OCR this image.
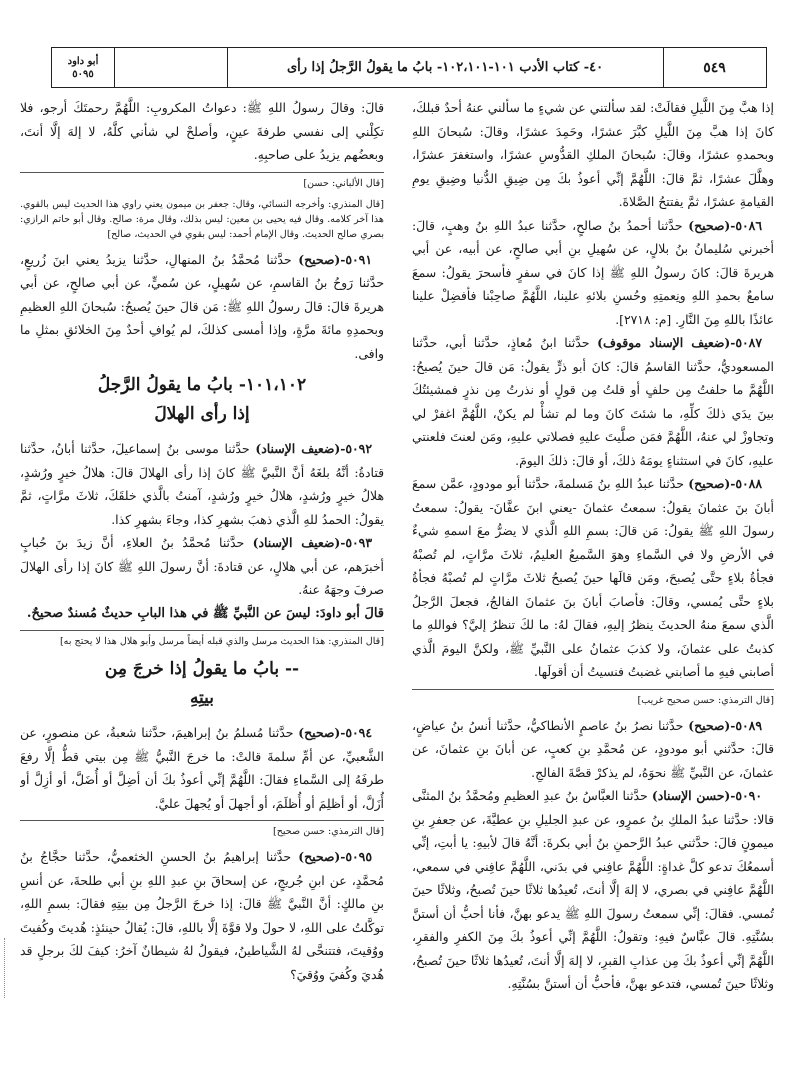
أبو داود
٥٠٩٥	٤٠- كتاب الأدب ١٠١-١٠٢،١٠١- بابُ ما يقولُ الرَّجلُ إذا رأى	٥٤٩

إذا هبَّ مِنَ اللَّيلِ فقالَتْ: لقد سألتني عن شيءٍ ما سألني عنهُ أحدٌ قبلكَ، كانَ إذا هبَّ مِنَ اللَّيلِ كبَّرَ عشرًا، وحَمِدَ عشرًا، وقالَ: سُبحانَ اللهِ وبحمدهِ عشرًا، وقالَ: سُبحانَ الملكِ القدُّوسِ عشرًا، واستغفرَ عشرًا، وهلَّلَ عشرًا، ثمَّ قالَ: اللَّهُمَّ إنِّي أعوذُ بكَ مِن ضِيقِ الدُّنيا وضِيقِ يومِ القيامةِ عشرًا، ثمَّ يفتتحُ الصَّلاةَ.

٥٠٨٦-(صحيح) حدَّثنا أحمدُ بنُ صالحٍ، حدَّثنا عبدُ اللهِ بنُ وهبٍ، قالَ: أخبرني سُليمانُ بنُ بلالٍ، عن سُهيلِ بنِ أبي صالحٍ، عن أبيه، عن أبي هريرةَ قالَ: كانَ رسولُ اللهِ ﷺ إذا كانَ في سفرٍ فأسحرَ يقولُ: سمعَ سامعٌ بحمدِ اللهِ ونِعمتِهِ وحُسنِ بلائهِ علينا، اللَّهُمَّ صاحِبْنا فأفضِلْ علينا عائذًا باللهِ مِنَ النَّارِ. [م: ٢٧١٨].

٥٠٨٧-(ضعيف الإسناد موقوف) حدَّثنا ابنُ مُعاذٍ، حدَّثنا أبي، حدَّثنا المسعوديُّ، حدَّثنا القاسمُ قالَ: كانَ أبو ذرٍّ يقولُ: مَن قالَ حينَ يُصبحُ: اللَّهُمَّ ما حلفتُ مِن حلفٍ أو قلتُ مِن قولٍ أو نذرتُ مِن نذرٍ فمشيئتُكَ بينَ يدَي ذلكَ كلِّهِ، ما شئتَ كانَ وما لم تشأْ لم يكنْ، اللَّهُمَّ اغفرْ لي وتجاوزْ لي عنهُ، اللَّهُمَّ فمَن صلَّيتَ عليهِ فصلاتي عليهِ، ومَن لعنتَ فلعنتي عليهِ، كانَ في استثناءٍ يومَهُ ذلكَ، أو قالَ: ذلكَ اليومَ.

٥٠٨٨-(صحيح) حدَّثنا عبدُ اللهِ بنُ مَسلمةَ، حدَّثنا أبو مودودٍ، عمَّن سمعَ أبانَ بنَ عثمانَ يقولُ: سمعتُ عثمانَ -يعني ابنَ عفَّانَ- يقولُ: سمعتُ رسولَ اللهِ ﷺ يقولُ: مَن قالَ: بسمِ اللهِ الَّذي لا يضرُّ معَ اسمهِ شيءٌ في الأرضِ ولا في السَّماءِ وهوَ السَّميعُ العليمُ، ثلاثَ مرَّاتٍ، لم تُصبْهُ فجأةُ بلاءٍ حتَّى يُصبحَ، ومَن قالَها حينَ يُصبحُ ثلاثَ مرَّاتٍ لم تُصبْهُ فجأةُ بلاءٍ حتَّى يُمسي، وقالَ: فأصابَ أبانَ بنَ عثمانَ الفالجُ، فجعلَ الرَّجلُ الَّذي سمعَ منهُ الحديثَ ينظرُ إليهِ، فقالَ لهُ: ما لكَ تنظرُ إليَّ؟ فواللهِ ما كذبتُ على عثمانَ، ولا كذبَ عثمانُ على النَّبيِّ ﷺ، ولكنَّ اليومَ الَّذي أصابني فيهِ ما أصابني غضبتُ فنسيتُ أن أقولَها.

[قال الترمذي: حسن صحيح غريب]

٥٠٨٩-(صحيح) حدَّثنا نصرُ بنُ عاصمٍ الأنطاكيُّ، حدَّثنا أنسُ بنُ عياضٍ، قالَ: حدَّثني أبو مودودٍ، عن مُحمَّدِ بنِ كعبٍ، عن أبانَ بنِ عثمانَ، عن عثمانَ، عن النَّبيِّ ﷺ نحوَهُ، لم يذكرْ قصَّةَ الفالجِ.

٥٠٩٠-(حسن الإسناد) حدَّثنا العبَّاسُ بنُ عبدِ العظيمِ ومُحمَّدُ بنُ المثنَّى قالا: حدَّثنا عبدُ الملكِ بنُ عمرٍو، عن عبدِ الجليلِ بنِ عطيَّةَ، عن جعفرِ بنِ ميمونٍ قالَ: حدَّثني عبدُ الرَّحمنِ بنُ أبي بكرةَ: أنَّهُ قالَ لأبيهِ: يا أبتِ، إنِّي أسمعُكَ تدعو كلَّ غداةٍ: اللَّهُمَّ عافِني في بدَني، اللَّهُمَّ عافِني في سمعي، اللَّهُمَّ عافِني في بصري، لا إلهَ إلَّا أنتَ، تُعيدُها ثلاثًا حينَ تُصبحُ، وثلاثًا حينَ تُمسي. فقالَ: إنِّي سمعتُ رسولَ اللهِ ﷺ يدعو بهنَّ، فأنا أحبُّ أن أستنَّ بسُنَّتِهِ. قالَ عبَّاسٌ فيهِ: وتقولُ: اللَّهُمَّ إنِّي أعوذُ بكَ مِنَ الكفرِ والفقرِ، اللَّهُمَّ إنِّي أعوذُ بكَ مِن عذابِ القبرِ، لا إلهَ إلَّا أنتَ، تُعيدُها ثلاثًا حينَ تُصبحُ، وثلاثًا حينَ تُمسي، فتدعو بهنَّ، فأحبُّ أن أستنَّ بسُنَّتِهِ.

قالَ: وقالَ رسولُ اللهِ ﷺ: دعواتُ المكروبِ: اللَّهُمَّ رحمتَكَ أرجو، فلا تكِلْني إلى نفسي طرفةَ عينٍ، وأصلحْ لي شأني كلَّهُ، لا إلهَ إلَّا أنتَ، وبعضُهم يزيدُ على صاحبِهِ.

[قال الألباني: حسن]

[قال المنذري: وأخرجه النسائي، وقال: جعفر بن ميمون يعني راوي هذا الحديث ليس بالقوي. هذا آخر كلامه. وقال فيه يحيى بن معين: ليس بذلك، وقال مرة: صالح. وقال أبو حاتم الرازي: بصري صالح الحديث. وقال الإمام أحمد: ليس بقوي في الحديث، صالح]

٥٠٩١-(صحيح) حدَّثنا مُحمَّدُ بنُ المنهالِ، حدَّثنا يزيدُ يعني ابنَ زُريعٍ، حدَّثنا رَوحُ بنُ القاسمِ، عن سُهيلٍ، عن سُميٍّ، عن أبي صالحٍ، عن أبي هريرةَ قالَ: قالَ رسولُ اللهِ ﷺ: مَن قالَ حينَ يُصبحُ: سُبحانَ اللهِ العظيمِ وبحمدِهِ مائةَ مرَّةٍ، وإذا أمسى كذلكَ، لم يُوافِ أحدٌ مِنَ الخلائقِ بمثلِ ما وافى.

١٠١،١٠٢- بابُ ما يقولُ الرَّجلُ
إذا رأى الهلالَ

٥٠٩٢-(ضعيف الإسناد) حدَّثنا موسى بنُ إسماعيلَ، حدَّثنا أبانُ، حدَّثنا قتادةُ: أنَّهُ بلغَهُ أنَّ النَّبيَّ ﷺ كانَ إذا رأى الهلالَ قالَ: هلالُ خيرٍ ورُشدٍ، هلالُ خيرٍ ورُشدٍ، هلالُ خيرٍ ورُشدٍ، آمنتُ بالَّذي خلقَكَ، ثلاثَ مرَّاتٍ، ثمَّ يقولُ: الحمدُ للهِ الَّذي ذهبَ بشهرِ كذا، وجاءَ بشهرِ كذا.

٥٠٩٣-(ضعيف الإسناد) حدَّثنا مُحمَّدُ بنُ العلاءِ، أنَّ زيدَ بنَ حُبابٍ أخبرَهم، عن أبي هلالٍ، عن قتادةَ: أنَّ رسولَ اللهِ ﷺ كانَ إذا رأى الهلالَ صرفَ وجهَهُ عنهُ.

قالَ أبو داودَ: ليسَ عن النَّبيِّ ﷺ في هذا البابِ حديثٌ مُسندٌ صحيحٌ.

[قال المنذري: هذا الحديث مرسل والذي قبله أيضاً مرسل وأبو هلال هذا لا يحتج به]

-- بابُ ما يقولُ إذا خرجَ مِن
بيتِهِ

٥٠٩٤-(صحيح) حدَّثنا مُسلمُ بنُ إبراهيمَ، حدَّثنا شعبةُ، عن منصورٍ، عن الشَّعبيِّ، عن أمِّ سلمةَ قالتْ: ما خرجَ النَّبيُّ ﷺ مِن بيتي قطُّ إلَّا رفعَ طرفَهُ إلى السَّماءِ فقالَ: اللَّهُمَّ إنِّي أعوذُ بكَ أن أضِلَّ أو أُضَلَّ، أو أزِلَّ أو أُزَلَّ، أو أظلِمَ أو أُظلَمَ، أو أجهلَ أو يُجهلَ عليَّ.

[قال الترمذي: حسن صحيح]

٥٠٩٥-(صحيح) حدَّثنا إبراهيمُ بنُ الحسنِ الخثعميُّ، حدَّثنا حجَّاجُ بنُ مُحمَّدٍ، عن ابنِ جُريجٍ، عن إسحاقَ بنِ عبدِ اللهِ بنِ أبي طلحةَ، عن أنسِ بنِ مالكٍ: أنَّ النَّبيَّ ﷺ قالَ: إذا خرجَ الرَّجلُ مِن بيتِهِ فقالَ: بسمِ اللهِ، توكَّلتُ على اللهِ، لا حولَ ولا قوَّةَ إلَّا باللهِ، قالَ: يُقالُ حينئذٍ: هُديتَ وكُفيتَ ووُقيتَ، فتتنحَّى لهُ الشَّياطينُ، فيقولُ لهُ شيطانٌ آخرُ: كيفَ لكَ برجلٍ قد هُديَ وكُفيَ ووُقيَ؟
